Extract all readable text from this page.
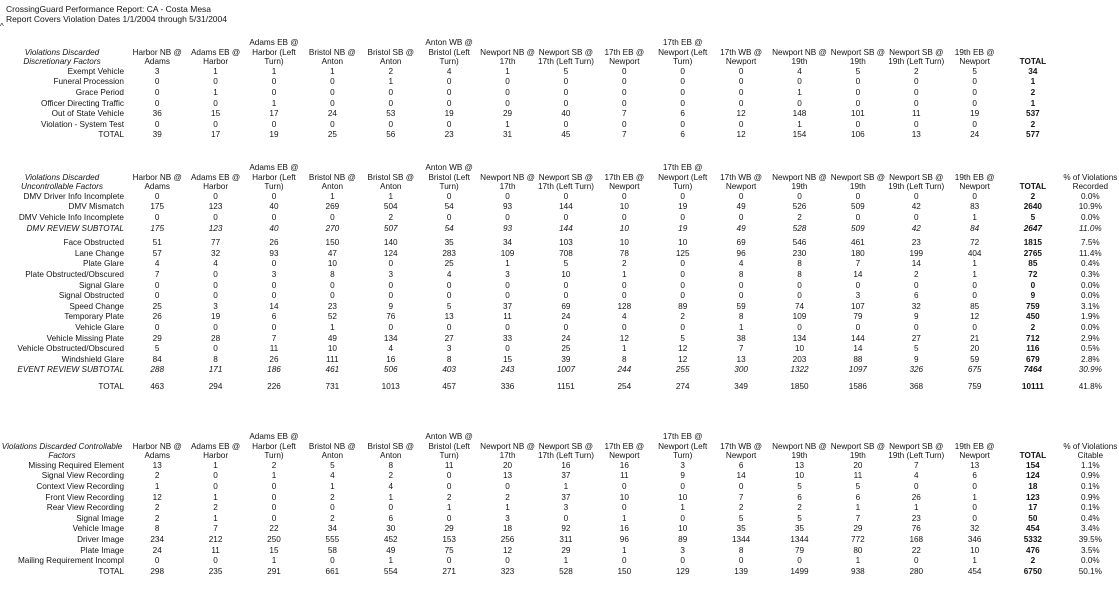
CrossingGuard Performance Report: CA - Costa Mesa
Report Covers Violation Dates 1/1/2004 through 5/31/2004
^
Violations Discarded Discretionary Factors	Harbor NB @ Adams	Adams EB @ Harbor	Adams EB @ Harbor (Left Turn)	Bristol NB @ Anton	Bristol SB @ Anton	Anton WB @ Bristol (Left Turn)	Newport NB @ 17th	Newport SB @ 17th (Left Turn)	17th EB @ Newport	17th EB @ Newport (Left Turn)	17th WB @ Newport	Newport NB @ 19th	Newport SB @ 19th	Newport SB @ 19th (Left Turn)	19th EB @ Newport	TOTAL	
Exempt Vehicle	3	1	1	1	2	4	1	5	0	0	0	4	5	2	5	34	
Funeral Procession	0	0	0	0	1	0	0	0	0	0	0	0	0	0	0	1	
Grace Period	0	1	0	0	0	0	0	0	0	0	0	1	0	0	0	2	
Officer Directing Traffic	0	0	1	0	0	0	0	0	0	0	0	0	0	0	0	1	
Out of State Vehicle	36	15	17	24	53	19	29	40	7	6	12	148	101	11	19	537	
Violation - System Test	0	0	0	0	0	0	1	0	0	0	0	1	0	0	0	2	
TOTAL	39	17	19	25	56	23	31	45	7	6	12	154	106	13	24	577	
Violations Discarded Uncontrollable Factors	Harbor NB @ Adams	Adams EB @ Harbor	Adams EB @ Harbor (Left Turn)	Bristol NB @ Anton	Bristol SB @ Anton	Anton WB @ Bristol (Left Turn)	Newport NB @ 17th	Newport SB @ 17th (Left Turn)	17th EB @ Newport	17th EB @ Newport (Left Turn)	17th WB @ Newport	Newport NB @ 19th	Newport SB @ 19th	Newport SB @ 19th (Left Turn)	19th EB @ Newport	TOTAL	% of Violations Recorded
DMV Driver Info Incomplete	0	0	0	1	1	0	0	0	0	0	0	0	0	0	0	2	0.0%
DMV Mismatch	175	123	40	269	504	54	93	144	10	19	49	526	509	42	83	2640	10.9%
DMV Vehicle Info Incomplete	0	0	0	0	2	0	0	0	0	0	0	2	0	0	1	5	0.0%
DMV REVIEW SUBTOTAL	175	123	40	270	507	54	93	144	10	19	49	528	509	42	84	2647	11.0%

Face Obstructed	51	77	26	150	140	35	34	103	10	10	69	546	461	23	72	1815	7.5%
Lane Change	57	32	93	47	124	283	109	708	78	125	96	230	180	199	404	2765	11.4%
Plate Glare	4	4	0	10	0	25	1	5	2	0	4	8	7	14	1	85	0.4%
Plate Obstructed/Obscured	7	0	3	8	3	4	3	10	1	0	8	8	14	2	1	72	0.3%
Signal Glare	0	0	0	0	0	0	0	0	0	0	0	0	0	0	0	0	0.0%
Signal Obstructed	0	0	0	0	0	0	0	0	0	0	0	0	3	6	0	9	0.0%
Speed Change	25	3	14	23	9	5	37	69	128	89	59	74	107	32	85	759	3.1%
Temporary Plate	26	19	6	52	76	13	11	24	4	2	8	109	79	9	12	450	1.9%
Vehicle Glare	0	0	0	1	0	0	0	0	0	0	1	0	0	0	0	2	0.0%
Vehicle Missing Plate	29	28	7	49	134	27	33	24	12	5	38	134	144	27	21	712	2.9%
Vehicle Obstructed/Obscured	5	0	11	10	4	3	0	25	1	12	7	10	14	5	20	116	0.5%
Windshield Glare	84	8	26	111	16	8	15	39	8	12	13	203	88	9	59	679	2.8%
EVENT REVIEW SUBTOTAL	288	171	186	461	506	403	243	1007	244	255	300	1322	1097	326	675	7464	30.9%

TOTAL	463	294	226	731	1013	457	336	1151	254	274	349	1850	1586	368	759	10111	41.8%
Violations Discarded Controllable Factors	Harbor NB @ Adams	Adams EB @ Harbor	Adams EB @ Harbor (Left Turn)	Bristol NB @ Anton	Bristol SB @ Anton	Anton WB @ Bristol (Left Turn)	Newport NB @ 17th	Newport SB @ 17th (Left Turn)	17th EB @ Newport	17th EB @ Newport (Left Turn)	17th WB @ Newport	Newport NB @ 19th	Newport SB @ 19th	Newport SB @ 19th (Left Turn)	19th EB @ Newport	TOTAL	% of Violations Citable
Missing Required Element	13	1	2	5	8	11	20	16	16	3	6	13	20	7	13	154	1.1%
Signal View Recording	2	0	1	4	2	0	13	37	11	9	14	10	11	4	6	124	0.9%
Context View Recording	1	0	0	1	4	0	0	1	0	0	0	5	5	0	0	18	0.1%
Front View Recording	12	1	0	2	1	2	2	37	10	10	7	6	6	26	1	123	0.9%
Rear View Recording	2	2	0	0	0	1	1	3	0	1	2	2	1	1	0	17	0.1%
Signal Image	2	1	0	2	6	0	3	0	1	0	5	5	7	23	0	50	0.4%
Vehicle Image	8	7	22	34	30	29	18	92	16	10	35	35	29	76	32	454	3.4%
Driver Image	234	212	250	555	452	153	256	311	96	89	1344	1344	772	168	346	5332	39.5%
Plate Image	24	11	15	58	49	75	12	29	1	3	8	79	80	22	10	476	3.5%
Mailing Requirement Incompl	0	0	1	0	1	0	0	1	0	0	0	0	1	0	1	2	0.0%
TOTAL	298	235	291	661	554	271	323	528	150	129	139	1499	938	280	454	6750	50.1%
